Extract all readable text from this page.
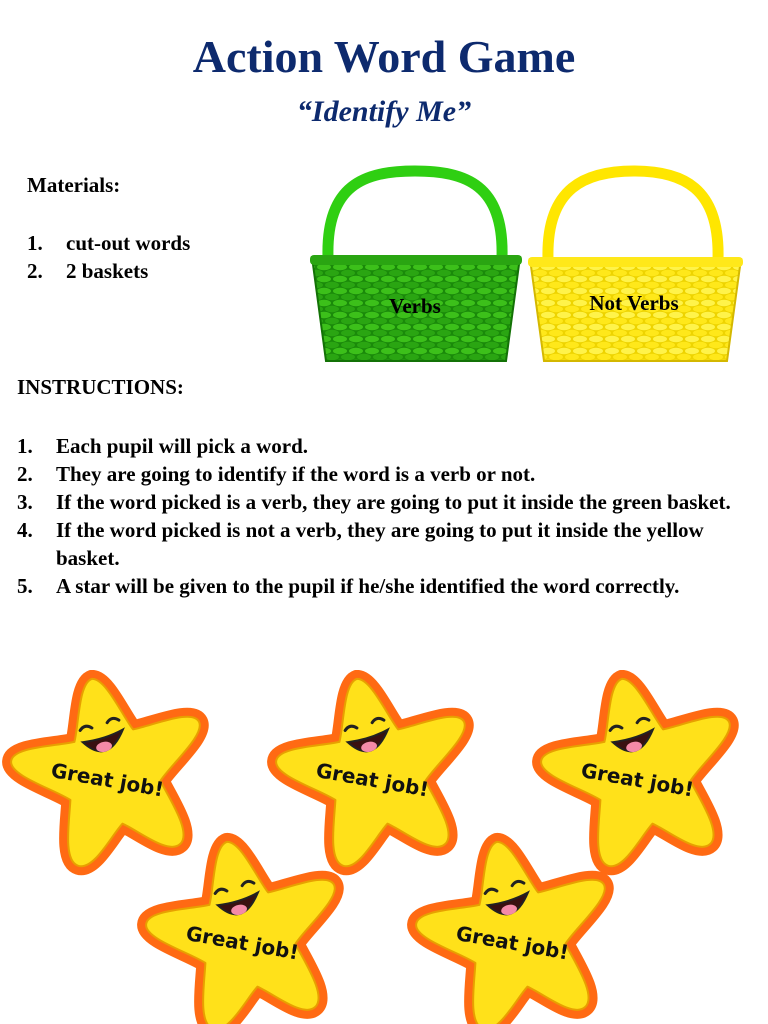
Action Word Game
“Identify Me”
Materials:
1.	cut-out words
2.	2 baskets
Verbs	Not Verbs
INSTRUCTIONS:
1.	Each pupil will pick a word.
2.	They are going to identify if the word is a verb or not.
3.	If the word picked is a verb, they are going to put it inside the green basket.
4.	If the word picked is not a verb, they are going to put it inside the yellow basket.
5.	A star will be given to the pupil if he/she identified the word correctly.
Great job!	Great job!	Great job!
Great job!	Great job!
